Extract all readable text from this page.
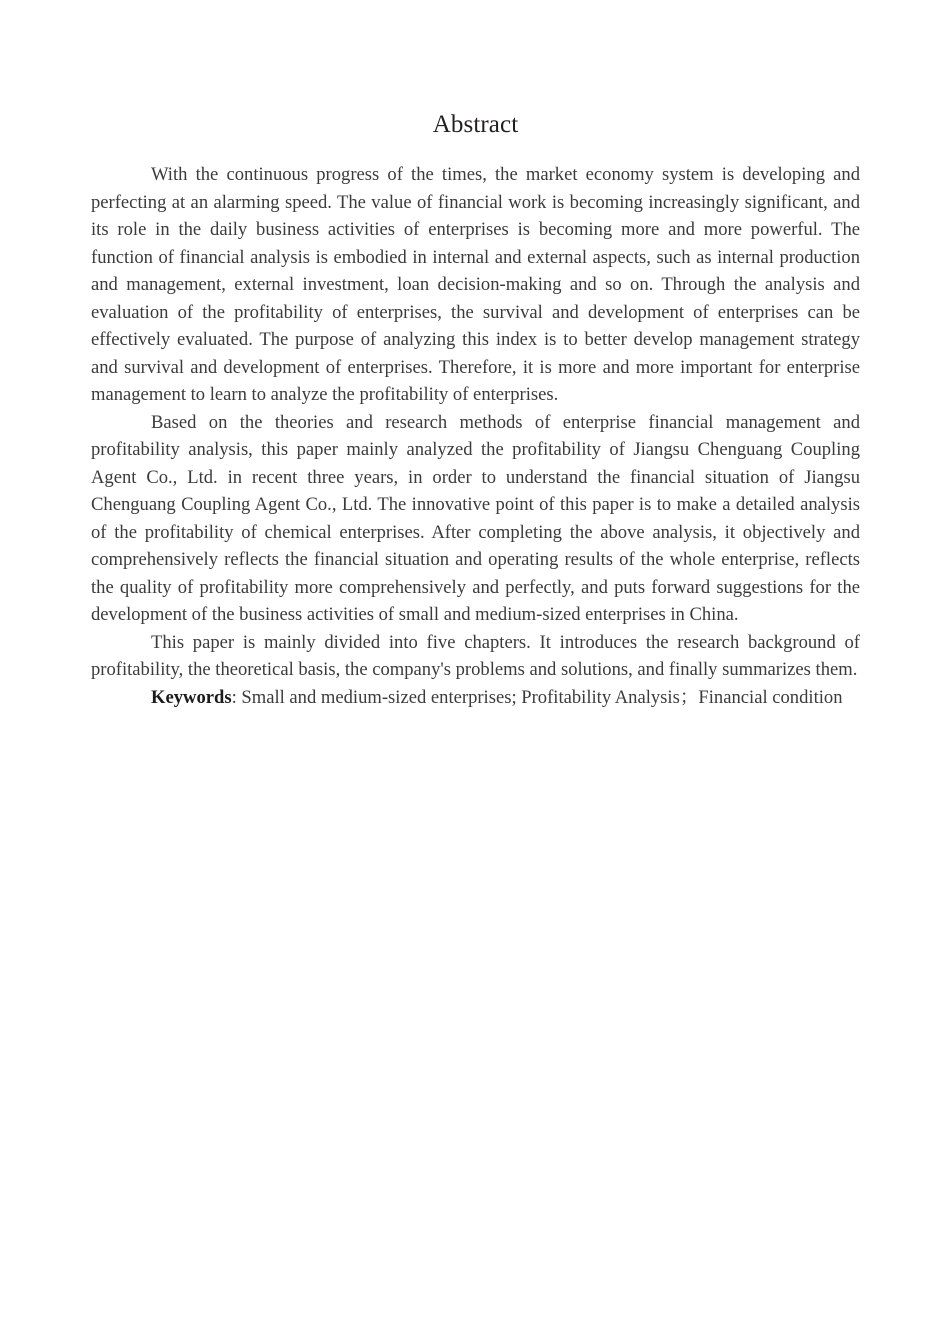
Abstract

With the continuous progress of the times, the market economy system is developing and perfecting at an alarming speed. The value of financial work is becoming increasingly significant, and its role in the daily business activities of enterprises is becoming more and more powerful. The function of financial analysis is embodied in internal and external aspects, such as internal production and management, external investment, loan decision-making and so on. Through the analysis and evaluation of the profitability of enterprises, the survival and development of enterprises can be effectively evaluated. The purpose of analyzing this index is to better develop management strategy and survival and development of enterprises. Therefore, it is more and more important for enterprise management to learn to analyze the profitability of enterprises.

Based on the theories and research methods of enterprise financial management and profitability analysis, this paper mainly analyzed the profitability of Jiangsu Chenguang Coupling Agent Co., Ltd. in recent three years, in order to understand the financial situation of Jiangsu Chenguang Coupling Agent Co., Ltd. The innovative point of this paper is to make a detailed analysis of the profitability of chemical enterprises. After completing the above analysis, it objectively and comprehensively reflects the financial situation and operating results of the whole enterprise, reflects the quality of profitability more comprehensively and perfectly, and puts forward suggestions for the development of the business activities of small and medium-sized enterprises in China.

This paper is mainly divided into five chapters. It introduces the research background of profitability, the theoretical basis, the company's problems and solutions, and finally summarizes them.

Keywords: Small and medium-sized enterprises; Profitability Analysis；Financial condition
